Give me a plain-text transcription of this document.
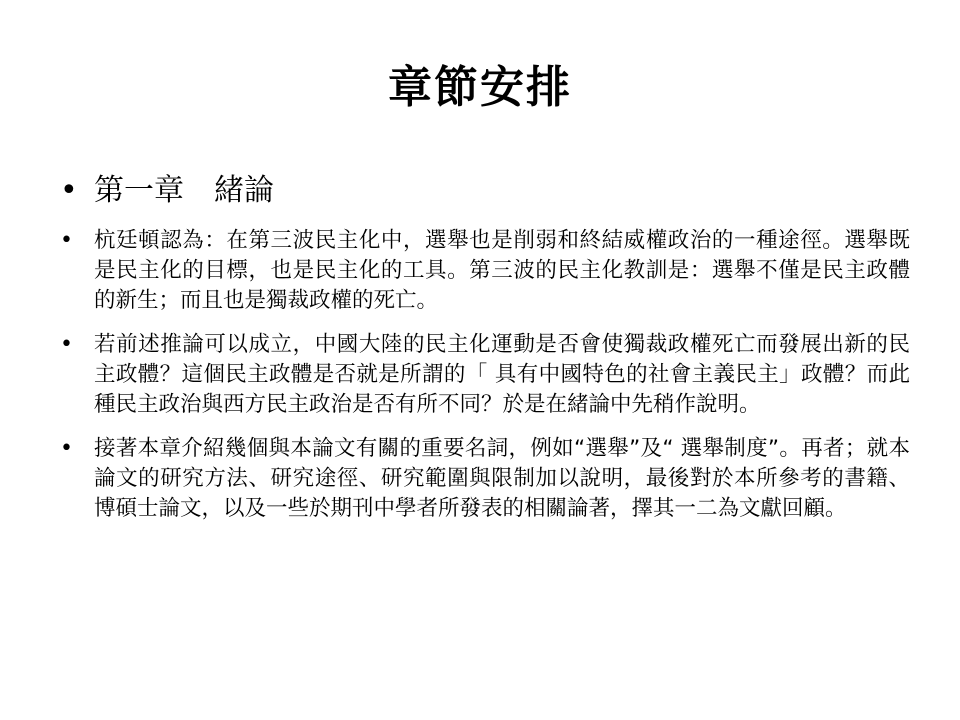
章節安排
• 第一章　緒論
• 杭廷頓認為：在第三波民主化中，選舉也是削弱和終結威權政治的一種途徑。選舉既是民主化的目標，也是民主化的工具。第三波的民主化教訓是：選舉不僅是民主政體的新生；而且也是獨裁政權的死亡。
• 若前述推論可以成立，中國大陸的民主化運動是否會使獨裁政權死亡而發展出新的民主政體？這個民主政體是否就是所謂的「 具有中國特色的社會主義民主」政體？而此種民主政治與西方民主政治是否有所不同？於是在緒論中先稍作說明。
• 接著本章介紹幾個與本論文有關的重要名詞，例如“選舉”及“ 選舉制度”。再者；就本論文的研究方法、研究途徑、研究範圍與限制加以說明，最後對於本所參考的書籍、博碩士論文，以及一些於期刊中學者所發表的相關論著，擇其一二為文獻回顧。
